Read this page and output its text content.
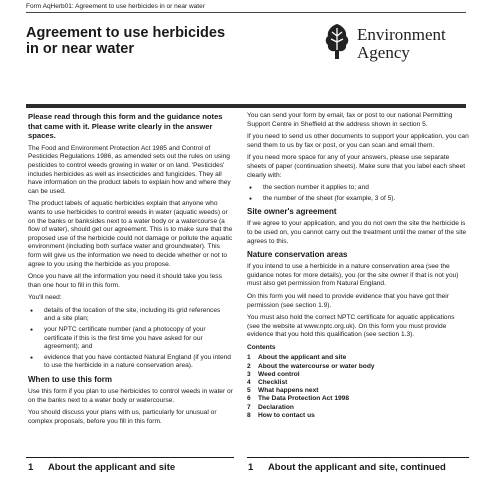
Form AqHerb01: Agreement to use herbicides in or near water
Agreement to use herbicides
in or near water
Environment
Agency

Please read through this form and the guidance notes that came with it. Please write clearly in the answer spaces.

The Food and Environment Protection Act 1985 and Control of Pesticides Regulations 1986, as amended sets out the rules on using pesticides to control weeds growing in water or on land. 'Pesticides' includes herbicides as well as insecticides and fungicides. They all have information on the product labels to explain how and where they can be used.

The product labels of aquatic herbicides explain that anyone who wants to use herbicides to control weeds in water (aquatic weeds) or on the banks or banksides next to a water body or a watercourse (a flow of water), should get our agreement. This is to make sure that the proposed use of the herbicide could not damage or pollute the aquatic environment (including both surface water and groundwater). This form will give us the information we need to decide whether or not to agree to you using the herbicide as you propose.

Once you have all the information you need it should take you less than one hour to fill in this form.

You'll need:

● details of the location of the site, including its grid references and a site plan;
● your NPTC certificate number (and a photocopy of your certificate if this is the first time you have asked for our agreement); and
● evidence that you have contacted Natural England (if you intend to use the herbicide in a nature conservation area).
When to use this form

Use this form if you plan to use herbicides to control weeds in water or on the banks next to a water body or watercourse.

You should discuss your plans with us, particularly for unusual or complex proposals, before you fill in this form.

You can send your form by email, fax or post to our national Permitting Support Centre in Sheffield at the address shown in section 5.

If you need to send us other documents to support your application, you can send them to us by fax or post, or you can scan and email them.

If you need more space for any of your answers, please use separate sheets of paper (continuation sheets). Make sure that you label each sheet clearly with:

● the section number it applies to; and
● the number of the sheet (for example, 3 of 5).
Site owner's agreement

If we agree to your application, and you do not own the site the herbicide is to be used on, you cannot carry out the treatment until the owner of the site agrees to this.

Nature conservation areas

If you intend to use a herbicide in a nature conservation area (see the guidance notes for more details), you (or the site owner if that is not you) must also get permission from Natural England.

On this form you will need to provide evidence that you have got their permission (see section 1.9).

You must also hold the correct NPTC certificate for aquatic applications (see the website at www.nptc.org.uk). On this form you must provide evidence that you hold this qualification (see section 1.3).

Contents
1	About the applicant and site
2	About the watercourse or water body
3	Weed control
4	Checklist
5	What happens next
6	The Data Protection Act 1998
7	Declaration
8	How to contact us
1 About the applicant and site	1 About the applicant and site, continued
